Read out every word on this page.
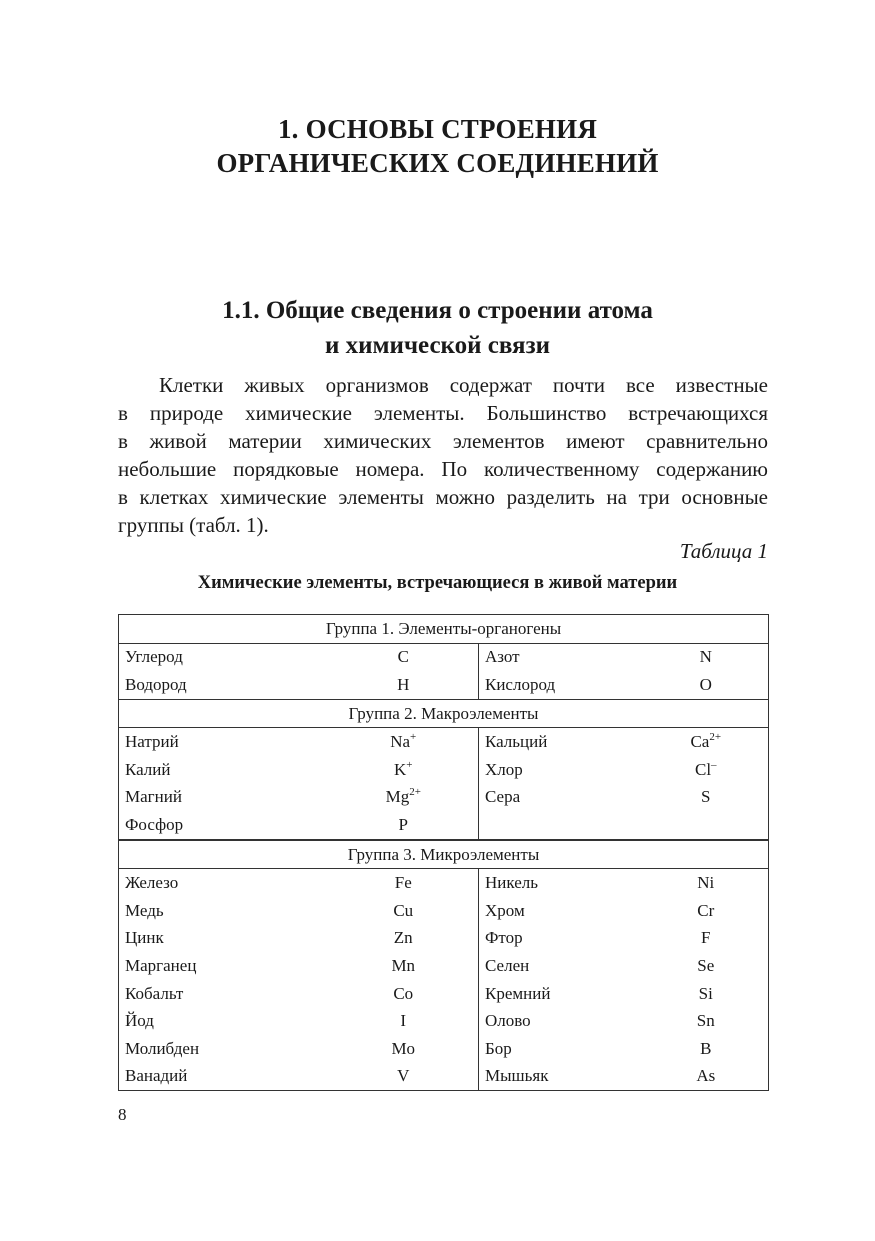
1. ОСНОВЫ СТРОЕНИЯ
ОРГАНИЧЕСКИХ СОЕДИНЕНИЙ
1.1. Общие сведения о строении атома
и химической связи
Клетки живых организмов содержат почти все известные
в природе химические элементы. Большинство встречающихся
в живой материи химических элементов имеют сравнительно
небольшие порядковые номера. По количественному содержанию
в клетках химические элементы можно разделить на три основные
группы (табл. 1).
Таблица 1
Химические элементы, встречающиеся в живой материи
Группа 1. Элементы-органогены			
Углерод	C	Азот	N
Водород	H	Кислород	O
Группа 2. Макроэлементы			
Натрий	Na+	Кальций	$Ca^{2+}$
Калий	K+	Хлор	Cl–
Магний	$Mg^{2+}$	Сера	S
Фосфор	P		
Группа 3. Микроэлементы			
Железо	Fe	Никель	Ni
Медь	Cu	Хром	Cr
Цинк	Zn	Фтор	F
Марганец	Mn	Селен	Se
Кобальт	Co	Кремний	Si
Йод	I	Олово	Sn
Молибден	Mo	Бор	B
Ванадий	V	Мышьяк	As
8
